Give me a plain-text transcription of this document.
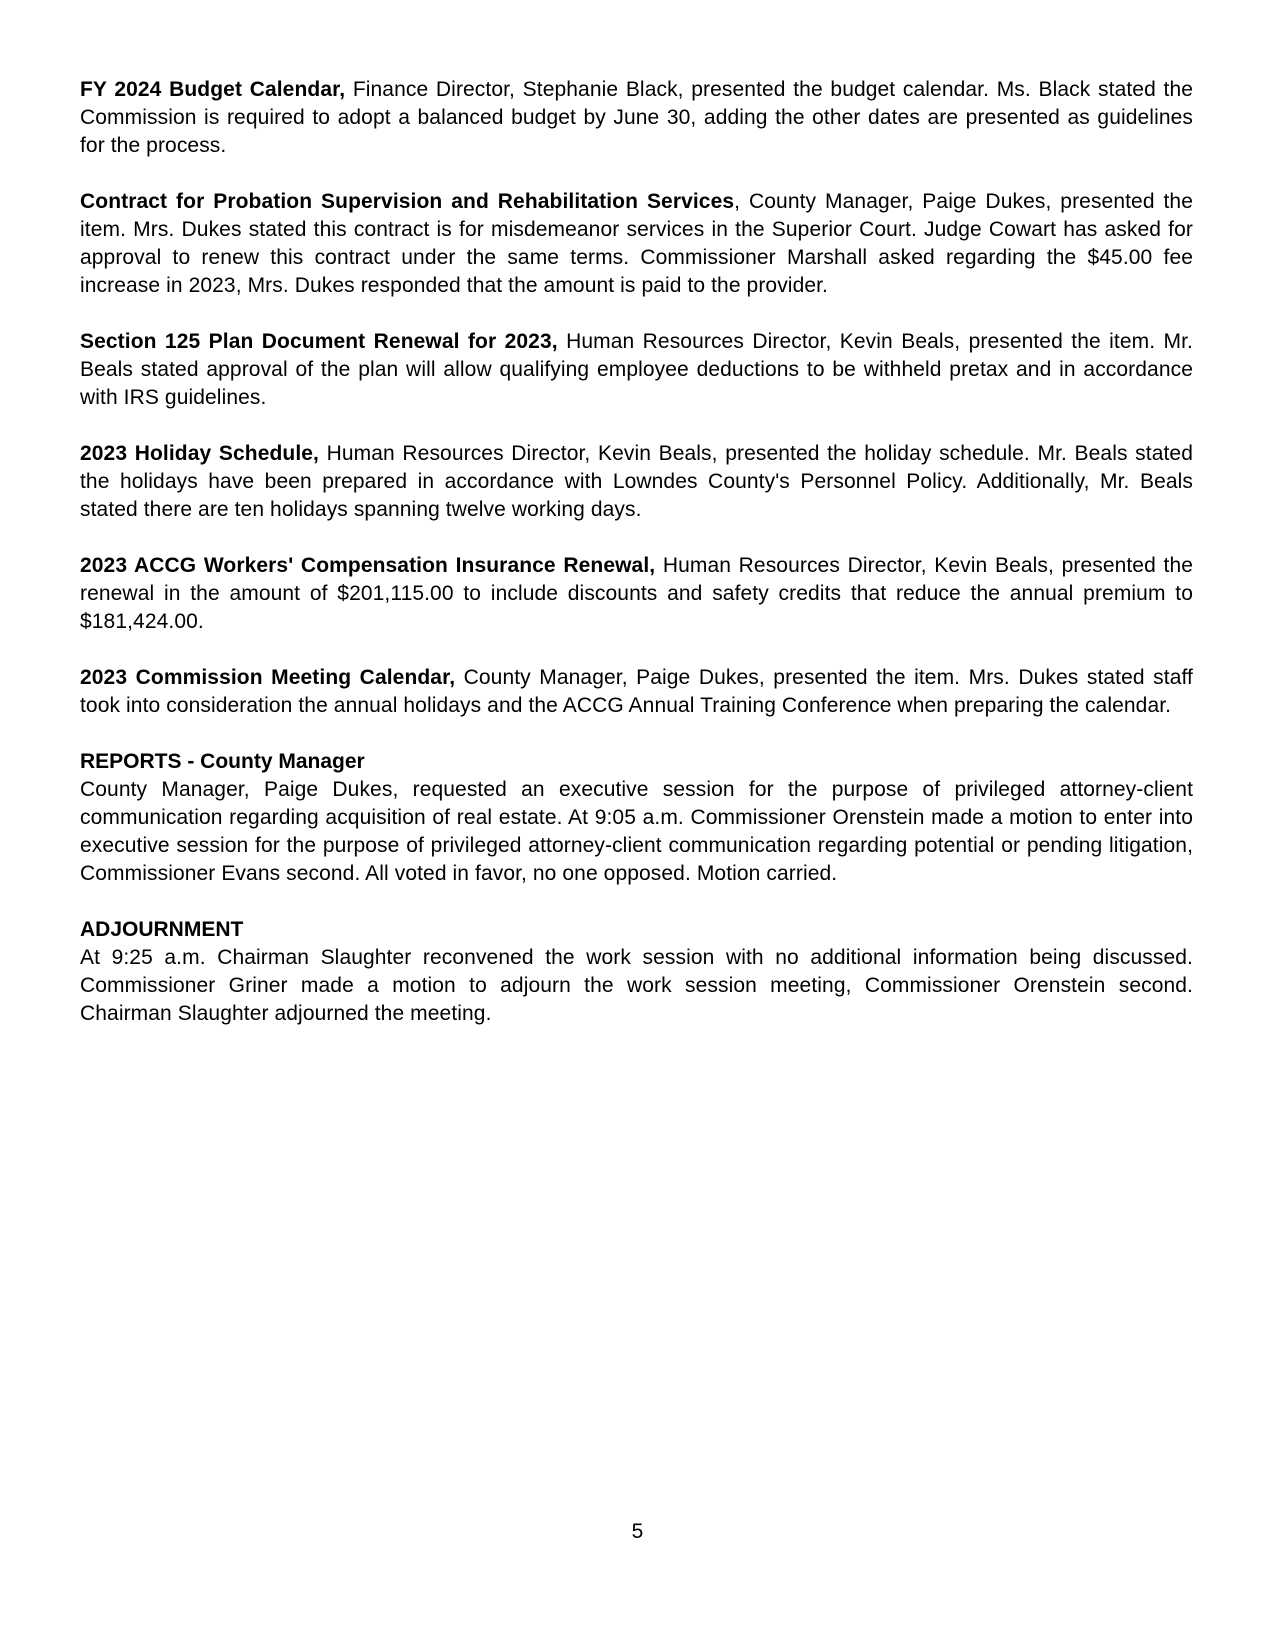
FY 2024 Budget Calendar, Finance Director, Stephanie Black, presented the budget calendar. Ms. Black stated the Commission is required to adopt a balanced budget by June 30, adding the other dates are presented as guidelines for the process.

Contract for Probation Supervision and Rehabilitation Services, County Manager, Paige Dukes, presented the item. Mrs. Dukes stated this contract is for misdemeanor services in the Superior Court. Judge Cowart has asked for approval to renew this contract under the same terms. Commissioner Marshall asked regarding the $45.00 fee increase in 2023, Mrs. Dukes responded that the amount is paid to the provider.

Section 125 Plan Document Renewal for 2023, Human Resources Director, Kevin Beals, presented the item. Mr. Beals stated approval of the plan will allow qualifying employee deductions to be withheld pretax and in accordance with IRS guidelines.

2023 Holiday Schedule, Human Resources Director, Kevin Beals, presented the holiday schedule. Mr. Beals stated the holidays have been prepared in accordance with Lowndes County's Personnel Policy. Additionally, Mr. Beals stated there are ten holidays spanning twelve working days.

2023 ACCG Workers' Compensation Insurance Renewal, Human Resources Director, Kevin Beals, presented the renewal in the amount of $201,115.00 to include discounts and safety credits that reduce the annual premium to $181,424.00.

2023 Commission Meeting Calendar, County Manager, Paige Dukes, presented the item. Mrs. Dukes stated staff took into consideration the annual holidays and the ACCG Annual Training Conference when preparing the calendar.

REPORTS - County Manager

County Manager, Paige Dukes, requested an executive session for the purpose of privileged attorney-client communication regarding acquisition of real estate. At 9:05 a.m. Commissioner Orenstein made a motion to enter into executive session for the purpose of privileged attorney-client communication regarding potential or pending litigation, Commissioner Evans second. All voted in favor, no one opposed. Motion carried.

ADJOURNMENT

At 9:25 a.m. Chairman Slaughter reconvened the work session with no additional information being discussed. Commissioner Griner made a motion to adjourn the work session meeting, Commissioner Orenstein second. Chairman Slaughter adjourned the meeting.

5
